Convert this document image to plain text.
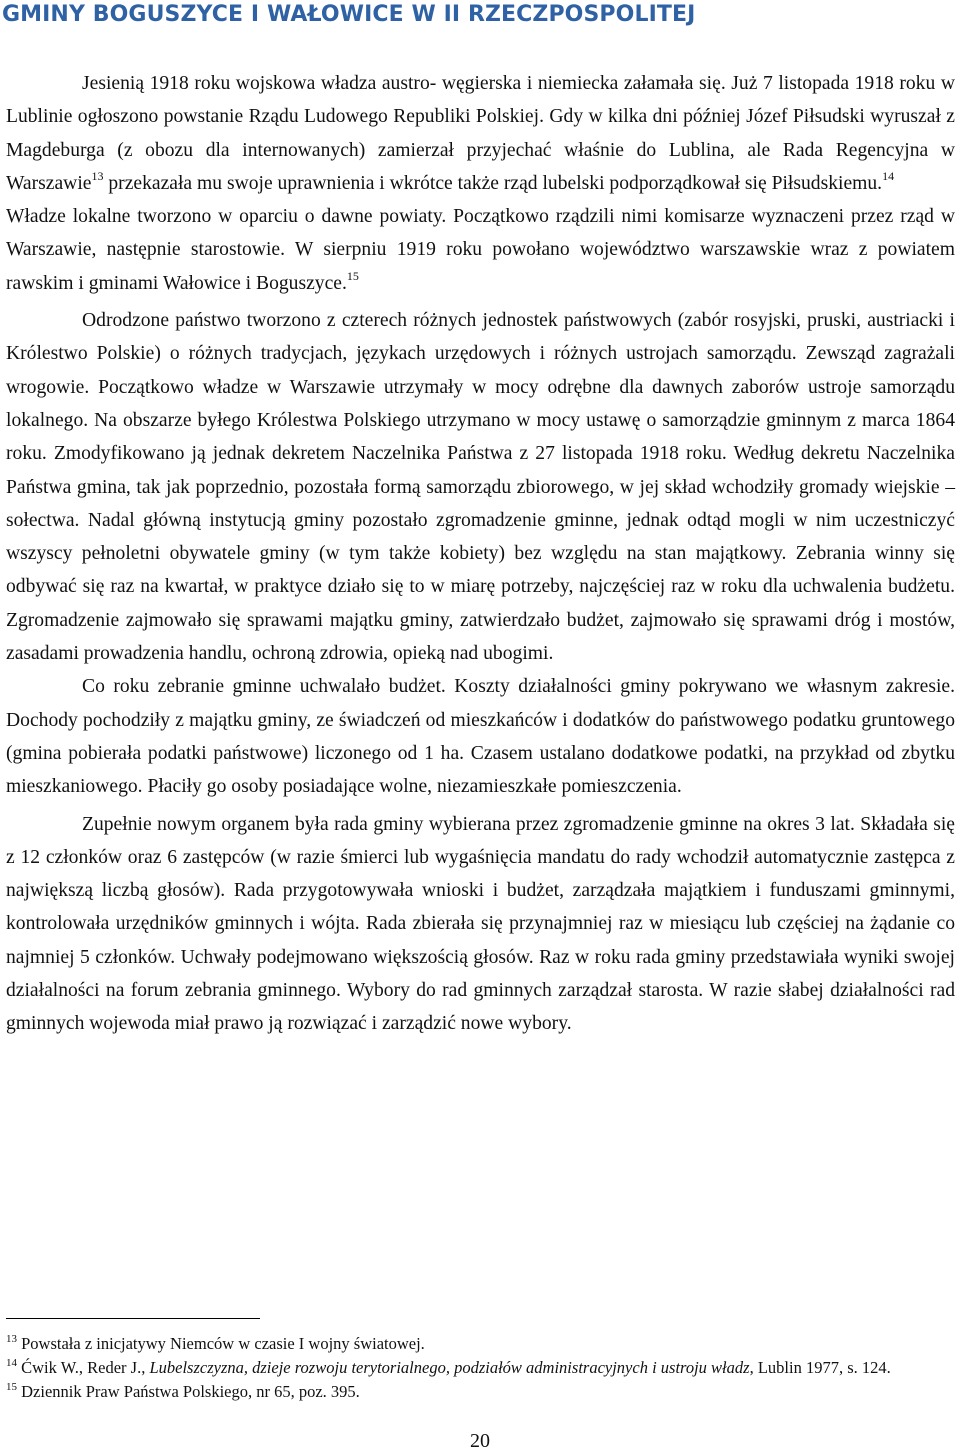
GMINY BOGUSZYCE I WAŁOWICE W II RZECZPOSPOLITEJ

Jesienią 1918 roku wojskowa władza austro- węgierska i niemiecka załamała się. Już 7 listopada 1918 roku w Lublinie ogłoszono powstanie Rządu Ludowego Republiki Polskiej. Gdy w kilka dni później Józef Piłsudski wyruszał z Magdeburga (z obozu dla internowanych) zamierzał przyjechać właśnie do Lublina, ale Rada Regencyjna w Warszawie$^{13}$ przekazała mu swoje uprawnienia i wkrótce także rząd lubelski podporządkował się Piłsudskiemu.$^{14}$

Władze lokalne tworzono w oparciu o dawne powiaty. Początkowo rządzili nimi komisarze wyznaczeni przez rząd w Warszawie, następnie starostowie. W sierpniu 1919 roku powołano województwo warszawskie wraz z powiatem rawskim i gminami Wałowice i Boguszyce.$^{15}$

Odrodzone państwo tworzono z czterech różnych jednostek państwowych (zabór rosyjski, pruski, austriacki i Królestwo Polskie) o różnych tradycjach, językach urzędowych i różnych ustrojach samorządu. Zewsząd zagrażali wrogowie. Początkowo władze w Warszawie utrzymały w mocy odrębne dla dawnych zaborów ustroje samorządu lokalnego. Na obszarze byłego Królestwa Polskiego utrzymano w mocy ustawę o samorządzie gminnym z marca 1864 roku. Zmodyfikowano ją jednak dekretem Naczelnika Państwa z 27 listopada 1918 roku. Według dekretu Naczelnika Państwa gmina, tak jak poprzednio, pozostała formą samorządu zbiorowego, w jej skład wchodziły gromady wiejskie – sołectwa. Nadal główną instytucją gminy pozostało zgromadzenie gminne, jednak odtąd mogli w nim uczestniczyć wszyscy pełnoletni obywatele gminy (w tym także kobiety) bez względu na stan majątkowy. Zebrania winny się odbywać się raz na kwartał, w praktyce działo się to w miarę potrzeby, najczęściej raz w roku dla uchwalenia budżetu. Zgromadzenie zajmowało się sprawami majątku gminy, zatwierdzało budżet, zajmowało się sprawami dróg i mostów, zasadami prowadzenia handlu, ochroną zdrowia, opieką nad ubogimi.

Co roku zebranie gminne uchwalało budżet. Koszty działalności gminy pokrywano we własnym zakresie. Dochody pochodziły z majątku gminy, ze świadczeń od mieszkańców i dodatków do państwowego podatku gruntowego (gmina pobierała podatki państwowe) liczonego od 1 ha. Czasem ustalano dodatkowe podatki, na przykład od zbytku mieszkaniowego. Płaciły go osoby posiadające wolne, niezamieszkałe pomieszczenia.

Zupełnie nowym organem była rada gminy wybierana przez zgromadzenie gminne na okres 3 lat. Składała się z 12 członków oraz 6 zastępców (w razie śmierci lub wygaśnięcia mandatu do rady wchodził automatycznie zastępca z największą liczbą głosów). Rada przygotowywała wnioski i budżet, zarządzała majątkiem i funduszami gminnymi, kontrolowała urzędników gminnych i wójta. Rada zbierała się przynajmniej raz w miesiącu lub częściej na żądanie co najmniej 5 członków. Uchwały podejmowano większością głosów. Raz w roku rada gminy przedstawiała wyniki swojej działalności na forum zebrania gminnego. Wybory do rad gminnych zarządzał starosta. W razie słabej działalności rad gminnych wojewoda miał prawo ją rozwiązać i zarządzić nowe wybory.

$^{13}$ Powstała z inicjatywy Niemców w czasie I wojny światowej.

$^{14}$ Ćwik W., Reder J., Lubelszczyzna, dzieje rozwoju terytorialnego, podziałów administracyjnych i ustroju władz, Lublin 1977, s. 124.

$^{15}$ Dziennik Praw Państwa Polskiego, nr 65, poz. 395.

20
